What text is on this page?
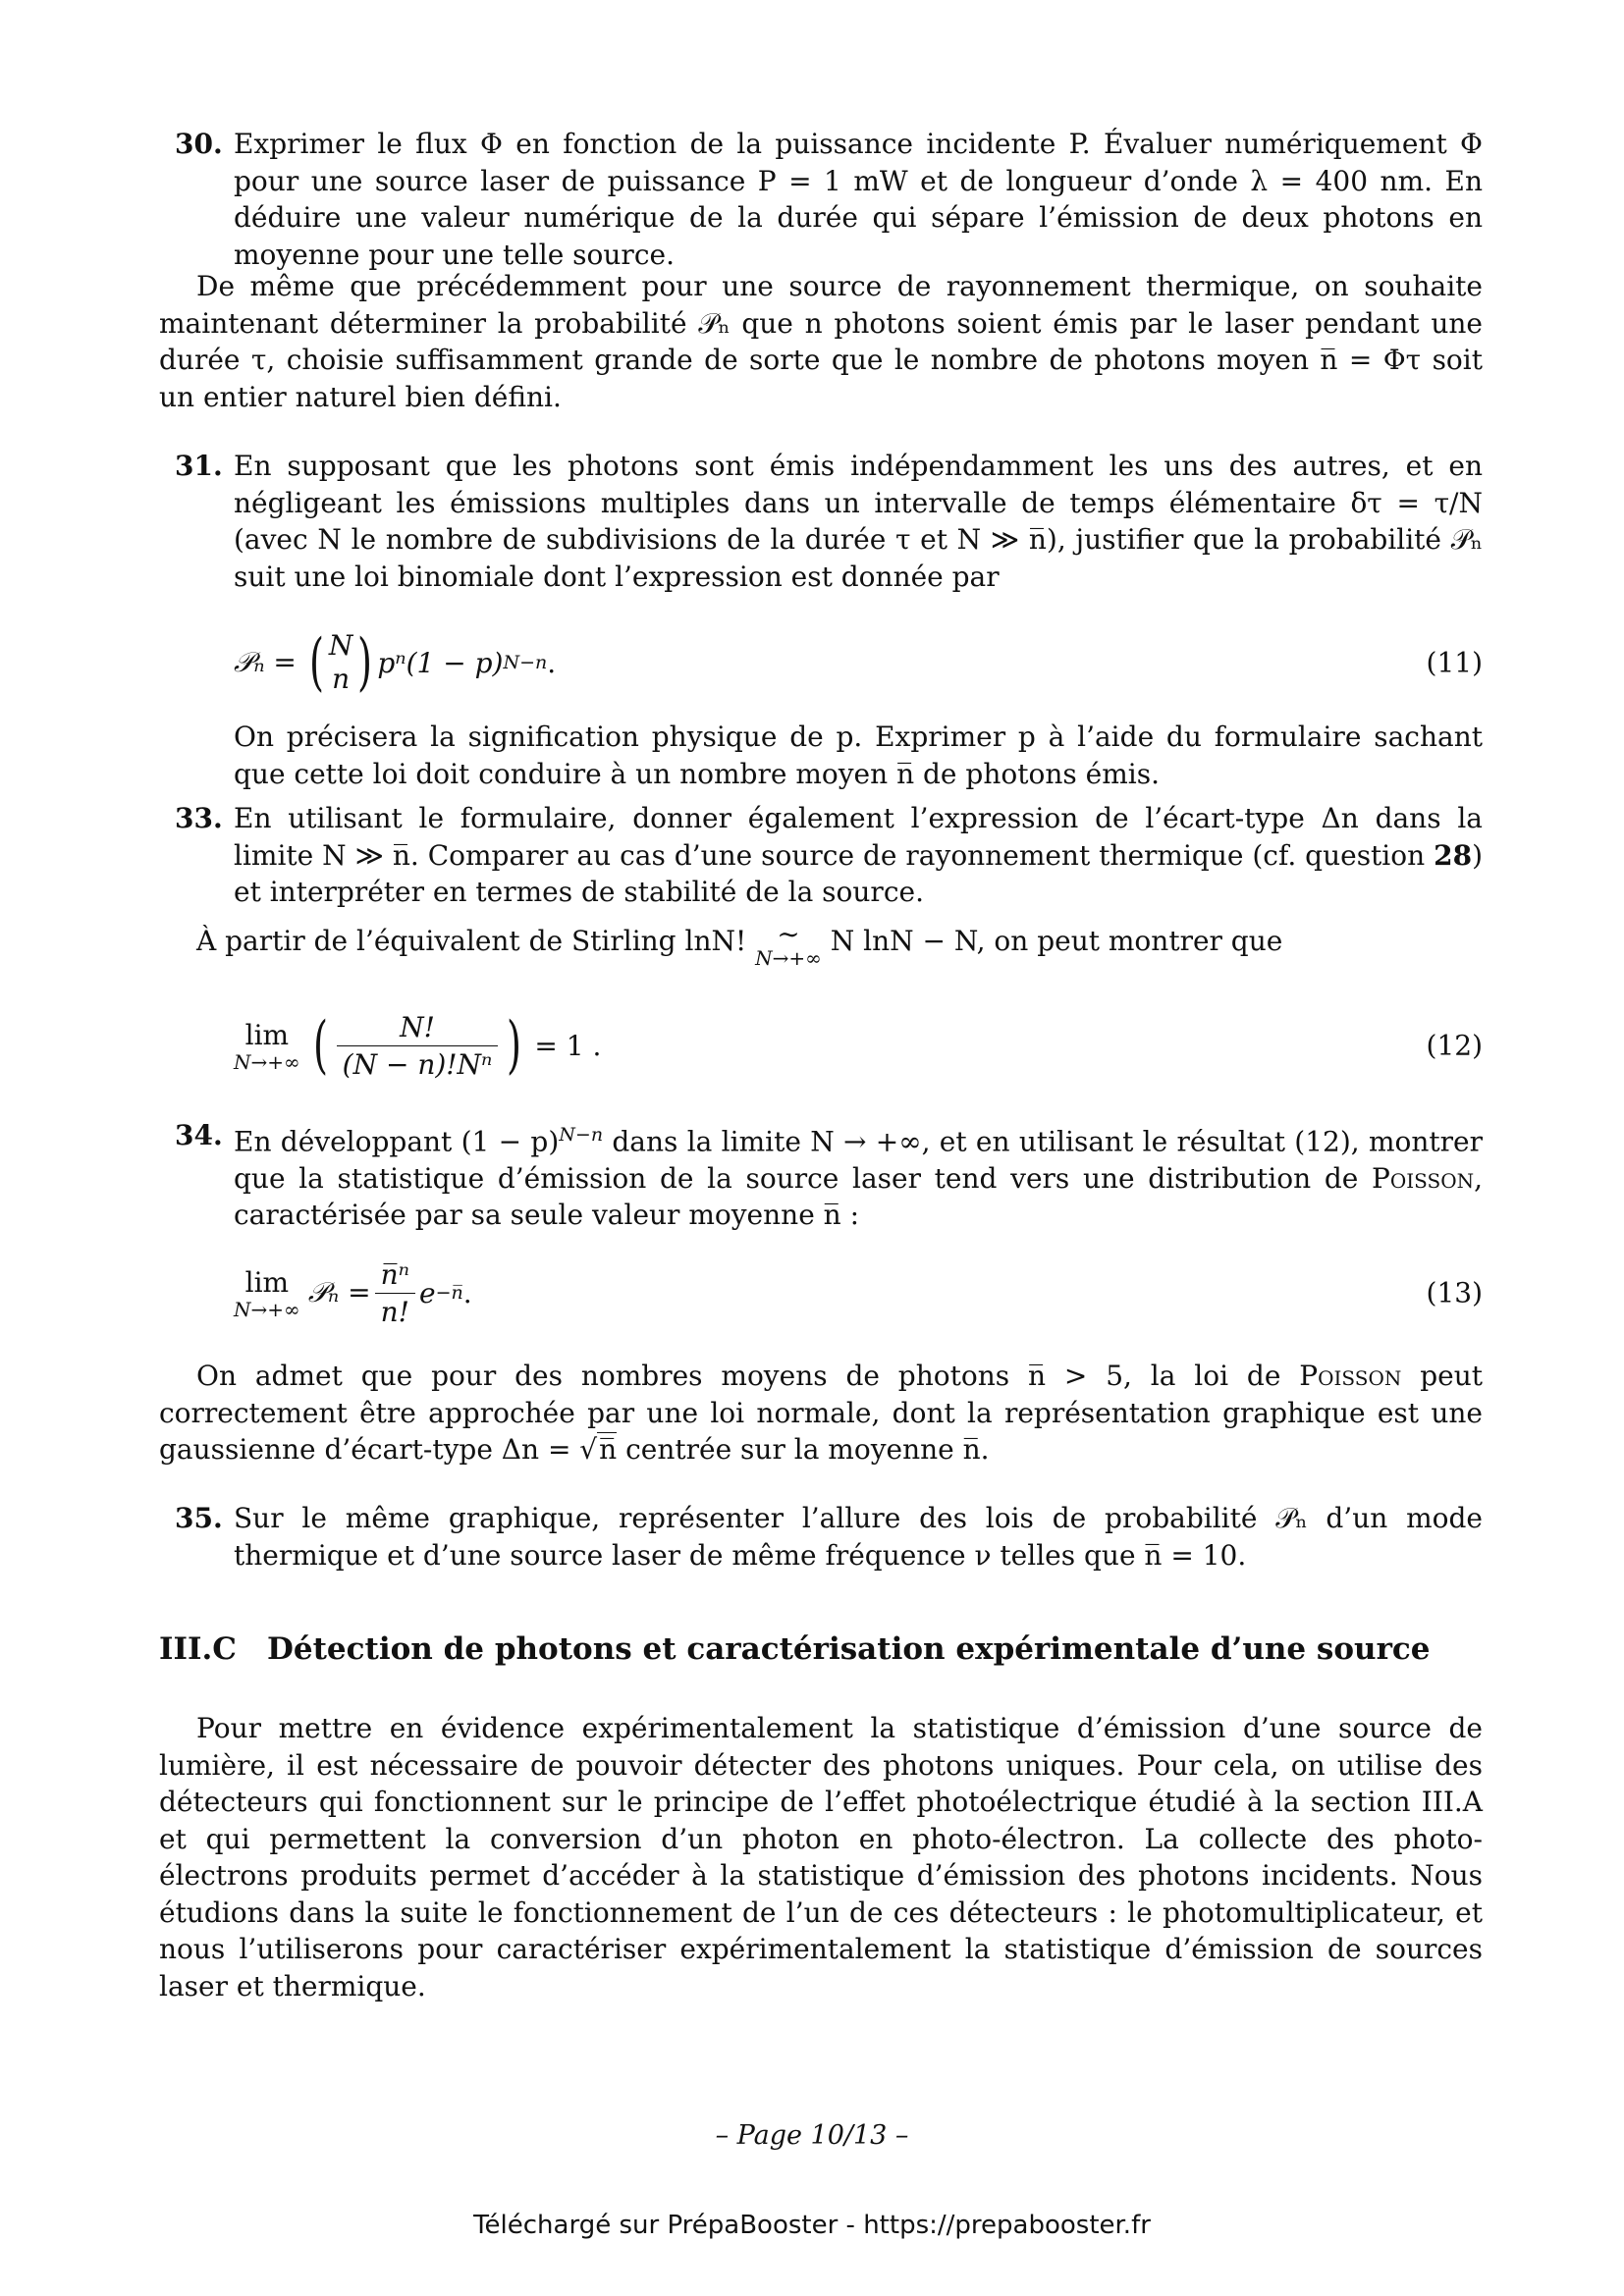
30. Exprimer le flux Φ en fonction de la puissance incidente P. Évaluer numériquement Φ pour une source laser de puissance P = 1 mW et de longueur d’onde λ = 400 nm. En déduire une valeur numérique de la durée qui sépare l’émission de deux photons en moyenne pour une telle source.
De même que précédemment pour une source de rayonnement thermique, on souhaite maintenant déterminer la probabilité 𝒫ₙ que n photons soient émis par le laser pendant une durée τ, choisie suffisamment grande de sorte que le nombre de photons moyen n̅ = Φτ soit un entier naturel bien défini.
31. En supposant que les photons sont émis indépendamment les uns des autres, et en négligeant les émissions multiples dans un intervalle de temps élémentaire δτ = τ/N (avec N le nombre de subdivisions de la durée τ et N ≫ n̅), justifier que la probabilité 𝒫ₙ suit une loi binomiale dont l’expression est donnée par
𝒫ₙ = ( N
n ) pⁿ(1 − p) N−n .	(11)
On précisera la signification physique de p. Exprimer p à l’aide du formulaire sachant que cette loi doit conduire à un nombre moyen n̅ de photons émis.
33. En utilisant le formulaire, donner également l’expression de l’écart-type Δn dans la limite N ≫ n̅. Comparer au cas d’une source de rayonnement thermique (cf. question 28) et interpréter en termes de stabilité de la source.
À partir de l’équivalent de Stirling lnN! ∼
N→+∞
N lnN − N, on peut montrer que
lim
N→+∞ ( $\frac{N!}{\text{(N − n)!Nⁿ}}$ ) = 1 .	(12)
34. En développant $(1 - p)^{N-n}$ dans la limite N → +∞, et en utilisant le résultat (12), montrer que la statistique d’émission de la source laser tend vers une distribution de Poisson, caractérisée par sa seule valeur moyenne n̅ :
lim
N→+∞
𝒫ₙ = $\frac{\text{n̅ⁿ}}{n!}$ e −n̅ .	(13)
On admet que pour des nombres moyens de photons n̅ > 5, la loi de Poisson peut correctement être approchée par une loi normale, dont la représentation graphique est une gaussienne d’écart-type Δn = √n̅ centrée sur la moyenne n̅.
35. Sur le même graphique, représenter l’allure des lois de probabilité 𝒫ₙ d’un mode thermique et d’une source laser de même fréquence ν telles que n̅ = 10.
III.C Détection de photons et caractérisation expérimentale d’une source
Pour mettre en évidence expérimentalement la statistique d’émission d’une source de lumière, il est nécessaire de pouvoir détecter des photons uniques. Pour cela, on utilise des détecteurs qui fonctionnent sur le principe de l’effet photoélectrique étudié à la section III.A et qui permettent la conversion d’un photon en photo-électron. La collecte des photo-électrons produits permet d’accéder à la statistique d’émission des photons incidents. Nous étudions dans la suite le fonctionnement de l’un de ces détecteurs : le photomultiplicateur, et nous l’utiliserons pour caractériser expérimentalement la statistique d’émission de sources laser et thermique.
– Page 10/13 –
Téléchargé sur PrépaBooster - https://prepabooster.fr
